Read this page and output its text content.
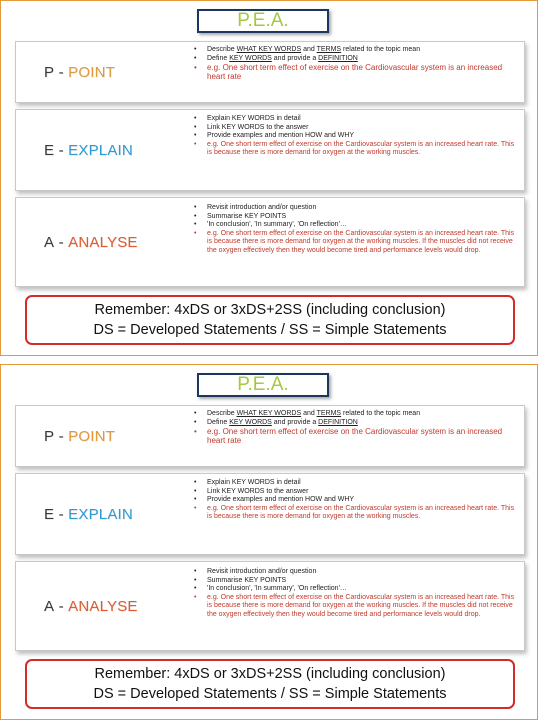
P.E.A.
P - POINT
• Describe WHAT KEY WORDS and TERMS related to the topic mean
• Define KEY WORDS and provide a DEFINITION
• e.g. One short term effect of exercise on the Cardiovascular system is an increased heart rate
E - EXPLAIN
• Explain KEY WORDS in detail
• Link KEY WORDS to the answer
• Provide examples and mention HOW and WHY
• e.g. One short term effect of exercise on the Cardiovascular system is an increased heart rate. This is because there is more demand for oxygen at the working muscles.
A - ANALYSE
• Revisit introduction and/or question
• Summarise KEY POINTS
• 'In conclusion', 'In summary', 'On reflection'…
• e.g. One short term effect of exercise on the Cardiovascular system is an increased heart rate. This is because there is more demand for oxygen at the working muscles. If the muscles did not receive the oxygen effectively then they would become tired and performance levels would drop.
Remember: 4xDS or 3xDS+2SS (including conclusion)
DS = Developed Statements / SS = Simple Statements
P.E.A.
P - POINT
• Describe WHAT KEY WORDS and TERMS related to the topic mean
• Define KEY WORDS and provide a DEFINITION
• e.g. One short term effect of exercise on the Cardiovascular system is an increased heart rate
E - EXPLAIN
• Explain KEY WORDS in detail
• Link KEY WORDS to the answer
• Provide examples and mention HOW and WHY
• e.g. One short term effect of exercise on the Cardiovascular system is an increased heart rate. This is because there is more demand for oxygen at the working muscles.
A - ANALYSE
• Revisit introduction and/or question
• Summarise KEY POINTS
• 'In conclusion', 'In summary', 'On reflection'…
• e.g. One short term effect of exercise on the Cardiovascular system is an increased heart rate. This is because there is more demand for oxygen at the working muscles. If the muscles did not receive the oxygen effectively then they would become tired and performance levels would drop.
Remember: 4xDS or 3xDS+2SS (including conclusion)
DS = Developed Statements / SS = Simple Statements
